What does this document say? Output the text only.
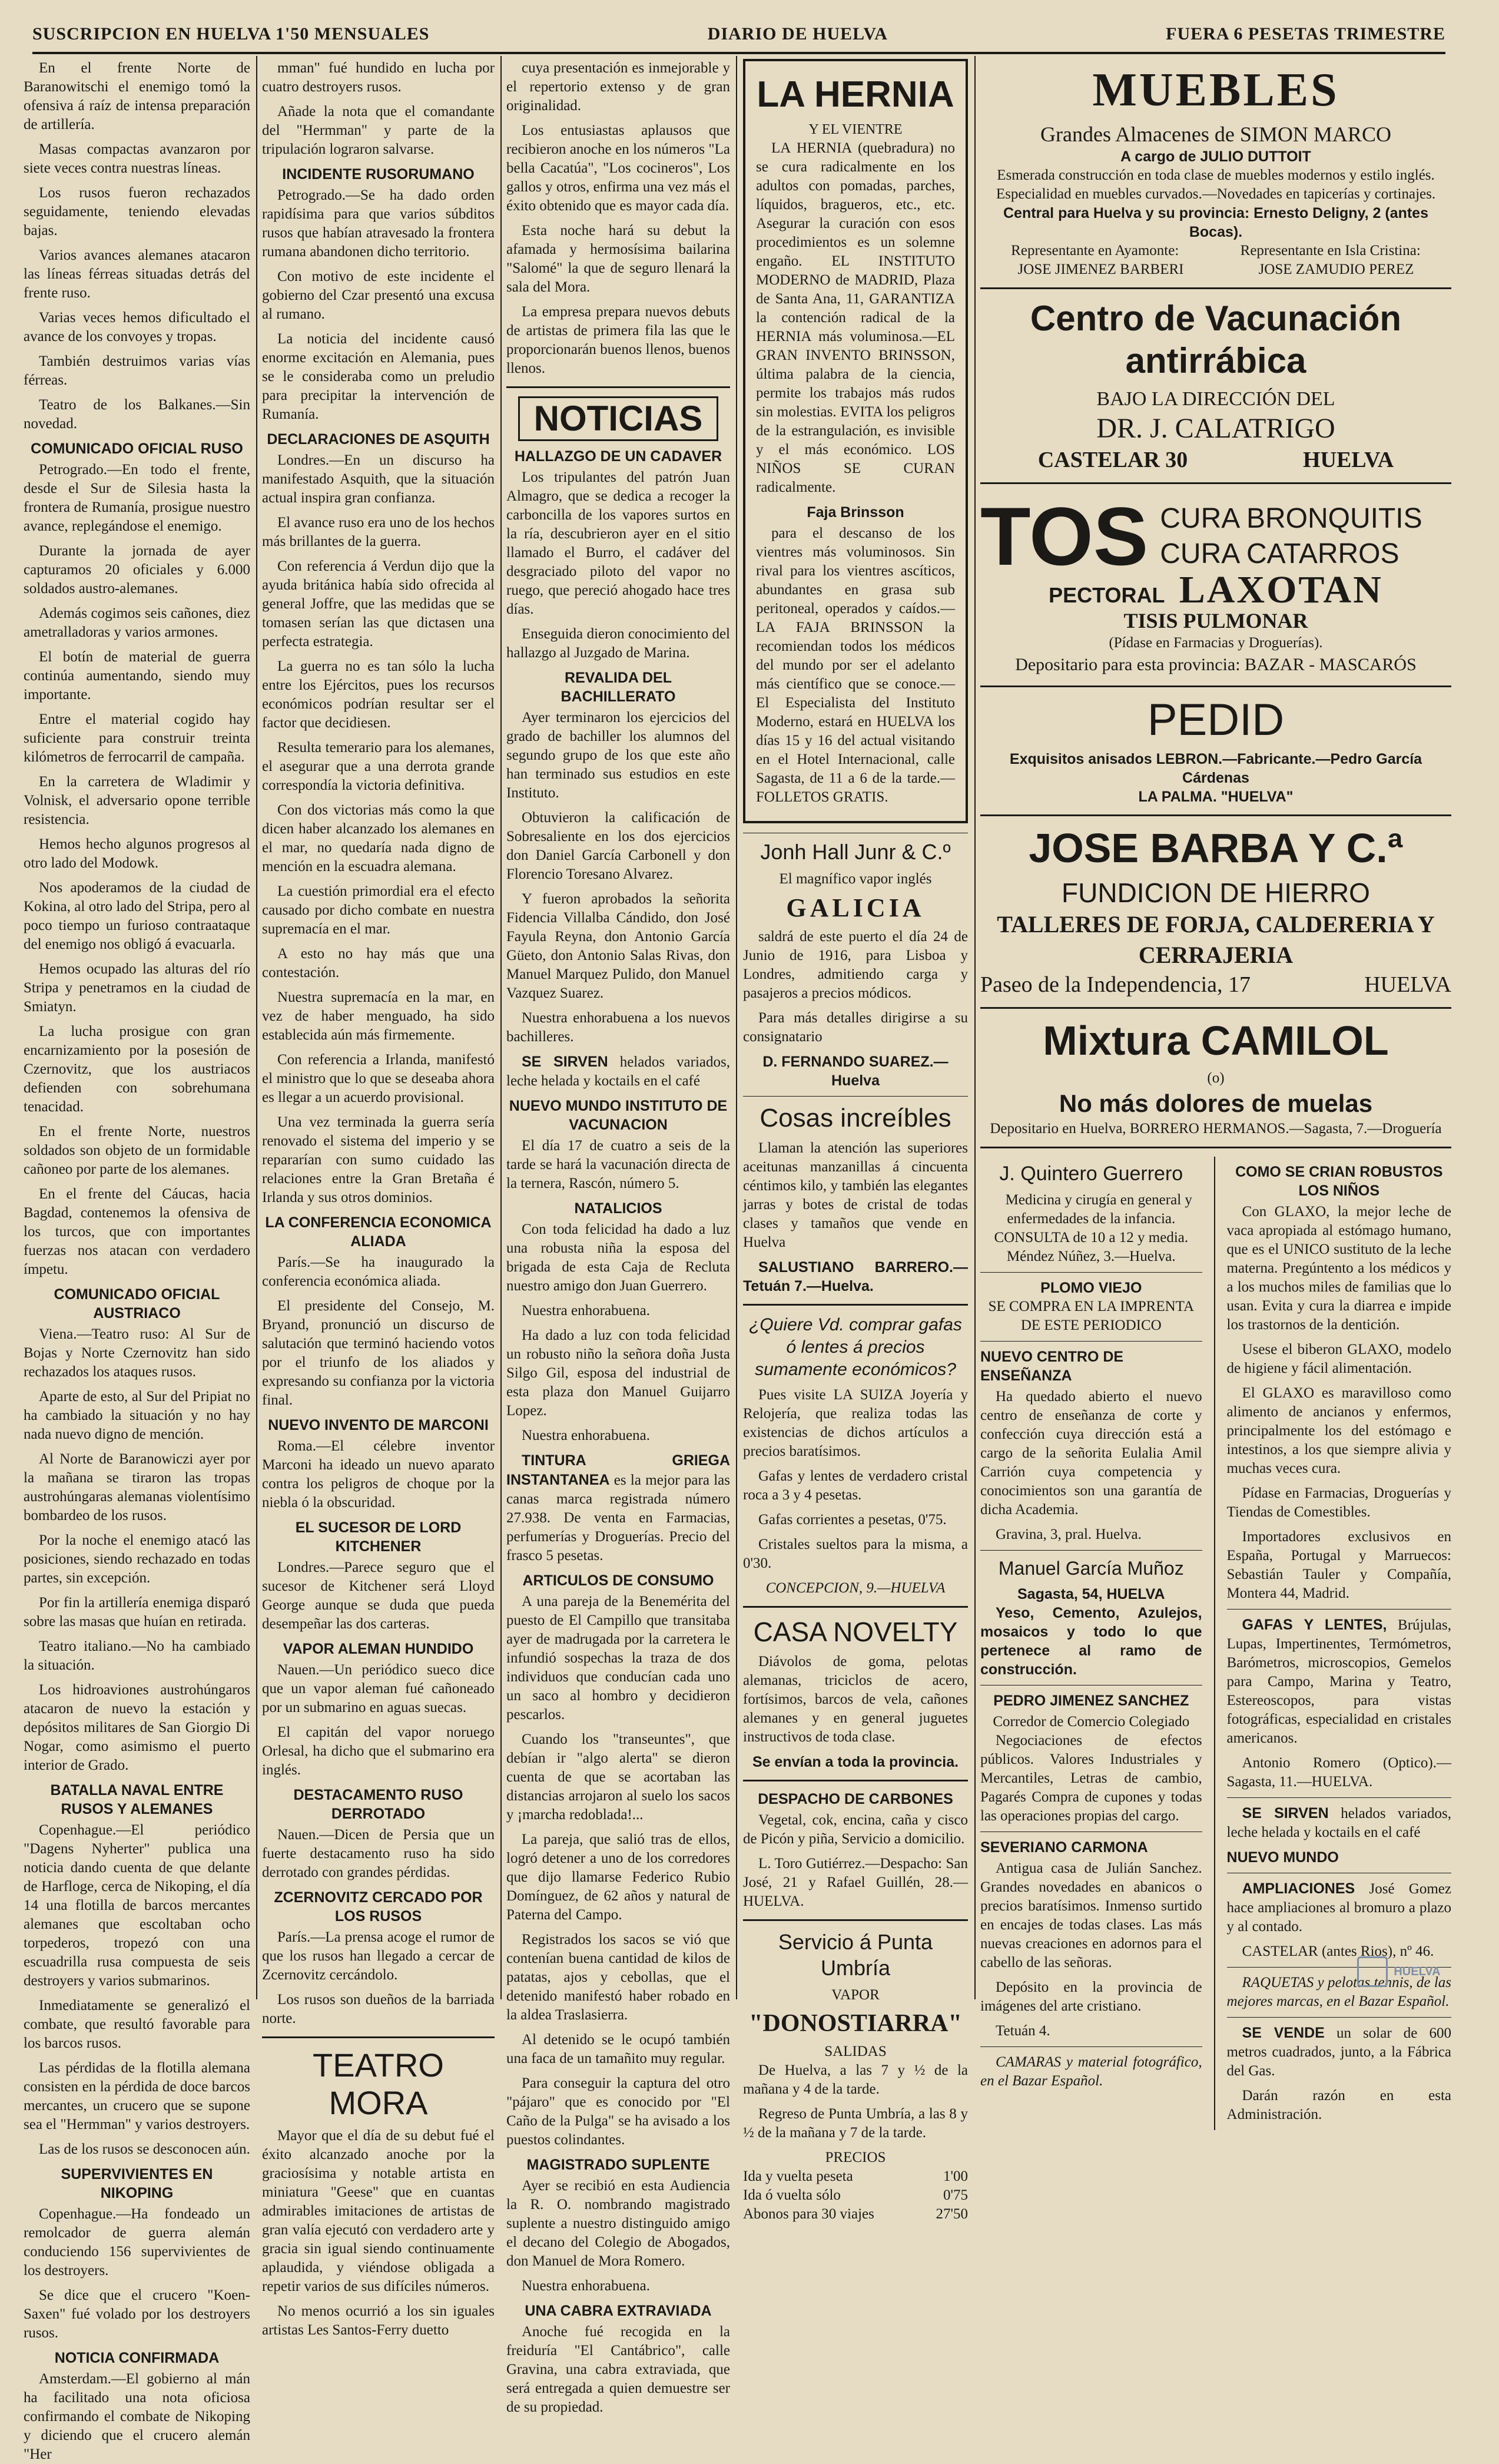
SUSCRIPCION EN HUELVA 1'50 MENSUALES	DIARIO DE HUELVA	FUERA 6 PESETAS TRIMESTRE

En el frente Norte de Baranowitschi el enemigo tomó la ofensiva á raíz de intensa preparación de artillería.

Masas compactas avanzaron por siete veces contra nuestras líneas.

Los rusos fueron rechazados seguidamente, teniendo elevadas bajas.

Varios avances alemanes atacaron las líneas férreas situadas detrás del frente ruso.

Varias veces hemos dificultado el avance de los convoyes y tropas.

También destruimos varias vías férreas.

Teatro de los Balkanes.—Sin novedad.

COMUNICADO OFICIAL RUSO

Petrogrado.—En todo el frente, desde el Sur de Silesia hasta la frontera de Rumanía, prosigue nuestro avance, replegándose el enemigo.

Durante la jornada de ayer capturamos 20 oficiales y 6.000 soldados austro-alemanes.

Además cogimos seis cañones, diez ametralladoras y varios armones.

El botín de material de guerra continúa aumentando, siendo muy importante.

Entre el material cogido hay suficiente para construir treinta kilómetros de ferrocarril de campaña.

En la carretera de Wladimir y Volnisk, el adversario opone terrible resistencia.

Hemos hecho algunos progresos al otro lado del Modowk.

Nos apoderamos de la ciudad de Kokina, al otro lado del Stripa, pero al poco tiempo un furioso contraataque del enemigo nos obligó á evacuarla.

Hemos ocupado las alturas del río Stripa y penetramos en la ciudad de Smiatyn.

La lucha prosigue con gran encarnizamiento por la posesión de Czernovitz, que los austriacos defienden con sobrehumana tenacidad.

En el frente Norte, nuestros soldados son objeto de un formidable cañoneo por parte de los alemanes.

En el frente del Cáucas, hacia Bagdad, contenemos la ofensiva de los turcos, que con importantes fuerzas nos atacan con verdadero ímpetu.

COMUNICADO OFICIAL AUSTRIACO

Viena.—Teatro ruso: Al Sur de Bojas y Norte Czernovitz han sido rechazados los ataques rusos.

Aparte de esto, al Sur del Pripiat no ha cambiado la situación y no hay nada nuevo digno de mención.

Al Norte de Baranowiczi ayer por la mañana se tiraron las tropas austrohúngaras alemanas violentísimo bombardeo de los rusos.

Por la noche el enemigo atacó las posiciones, siendo rechazado en todas partes, sin excepción.

Por fin la artillería enemiga disparó sobre las masas que huían en retirada.

Teatro italiano.—No ha cambiado la situación.

Los hidroaviones austrohúngaros atacaron de nuevo la estación y depósitos militares de San Giorgio Di Nogar, como asimismo el puerto interior de Grado.

BATALLA NAVAL ENTRE RUSOS Y ALEMANES

Copenhague.—El periódico "Dagens Nyherter" publica una noticia dando cuenta de que delante de Harfloge, cerca de Nikoping, el día 14 una flotilla de barcos mercantes alemanes que escoltaban ocho torpederos, tropezó con una escuadrilla rusa compuesta de seis destroyers y varios submarinos.

Inmediatamente se generalizó el combate, que resultó favorable para los barcos rusos.

Las pérdidas de la flotilla alemana consisten en la pérdida de doce barcos mercantes, un crucero que se supone sea el "Hermman" y varios destroyers.

Las de los rusos se desconocen aún.

SUPERVIVIENTES EN NIKOPING

Copenhague.—Ha fondeado un remolcador de guerra alemán conduciendo 156 supervivientes de los destroyers.

Se dice que el crucero "Koen-Saxen" fué volado por los destroyers rusos.

NOTICIA CONFIRMADA

Amsterdam.—El gobierno al mán ha facilitado una nota oficiosa confirmando el combate de Nikoping y diciendo que el crucero alemán "Her

mman" fué hundido en lucha por cuatro destroyers rusos.

Añade la nota que el comandante del "Hermman" y parte de la tripulación lograron salvarse.

INCIDENTE RUSORUMANO

Petrogrado.—Se ha dado orden rapidísima para que varios súbditos rusos que habían atravesado la frontera rumana abandonen dicho territorio.

Con motivo de este incidente el gobierno del Czar presentó una excusa al rumano.

La noticia del incidente causó enorme excitación en Alemania, pues se le consideraba como un preludio para precipitar la intervención de Rumanía.

DECLARACIONES DE ASQUITH

Londres.—En un discurso ha manifestado Asquith, que la situación actual inspira gran confianza.

El avance ruso era uno de los hechos más brillantes de la guerra.

Con referencia á Verdun dijo que la ayuda británica había sido ofrecida al general Joffre, que las medidas que se tomasen serían las que dictasen una perfecta estrategia.

La guerra no es tan sólo la lucha entre los Ejércitos, pues los recursos económicos podrían resultar ser el factor que decidiesen.

Resulta temerario para los alemanes, el asegurar que a una derrota grande correspondía la victoria definitiva.

Con dos victorias más como la que dicen haber alcanzado los alemanes en el mar, no quedaría nada digno de mención en la escuadra alemana.

La cuestión primordial era el efecto causado por dicho combate en nuestra supremacía en el mar.

A esto no hay más que una contestación.

Nuestra supremacía en la mar, en vez de haber menguado, ha sido establecida aún más firmemente.

Con referencia a Irlanda, manifestó el ministro que lo que se deseaba ahora es llegar a un acuerdo provisional.

Una vez terminada la guerra sería renovado el sistema del imperio y se repararían con sumo cuidado las relaciones entre la Gran Bretaña é Irlanda y sus otros dominios.

LA CONFERENCIA ECONOMICA ALIADA

París.—Se ha inaugurado la conferencia económica aliada.

El presidente del Consejo, M. Bryand, pronunció un discurso de salutación que terminó haciendo votos por el triunfo de los aliados y expresando su confianza por la victoria final.

NUEVO INVENTO DE MARCONI

Roma.—El célebre inventor Marconi ha ideado un nuevo aparato contra los peligros de choque por la niebla ó la obscuridad.

EL SUCESOR DE LORD KITCHENER

Londres.—Parece seguro que el sucesor de Kitchener será Lloyd George aunque se duda que pueda desempeñar las dos carteras.

VAPOR ALEMAN HUNDIDO

Nauen.—Un periódico sueco dice que un vapor aleman fué cañoneado por un submarino en aguas suecas.

El capitán del vapor noruego Orlesal, ha dicho que el submarino era inglés.

DESTACAMENTO RUSO DERROTADO

Nauen.—Dicen de Persia que un fuerte destacamento ruso ha sido derrotado con grandes pérdidas.

ZCERNOVITZ CERCADO POR LOS RUSOS

París.—La prensa acoge el rumor de que los rusos han llegado a cercar de Zcernovitz cercándolo.

Los rusos son dueños de la barriada norte.

TEATRO MORA

Mayor que el día de su debut fué el éxito alcanzado anoche por la graciosísima y notable artista en miniatura "Geese" que en cuantas admirables imitaciones de artistas de gran valía ejecutó con verdadero arte y gracia sin igual siendo continuamente aplaudida, y viéndose obligada a repetir varios de sus difíciles números.

No menos ocurrió a los sin iguales artistas Les Santos-Ferry duetto

cuya presentación es inmejorable y el repertorio extenso y de gran originalidad.

Los entusiastas aplausos que recibieron anoche en los números "La bella Cacatúa", "Los cocineros", Los gallos y otros, enfirma una vez más el éxito obtenido que es mayor cada día.

Esta noche hará su debut la afamada y hermosísima bailarina "Salomé" la que de seguro llenará la sala del Mora.

La empresa prepara nuevos debuts de artistas de primera fila las que le proporcionarán buenos llenos, buenos llenos.

NOTICIAS
HALLAZGO DE UN CADAVER

Los tripulantes del patrón Juan Almagro, que se dedica a recoger la carboncilla de los vapores surtos en la ría, descubrieron ayer en el sitio llamado el Burro, el cadáver del desgraciado piloto del vapor no ruego, que pereció ahogado hace tres días.

Enseguida dieron conocimiento del hallazgo al Juzgado de Marina.

REVALIDA DEL BACHILLERATO

Ayer terminaron los ejercicios del grado de bachiller los alumnos del segundo grupo de los que este año han terminado sus estudios en este Instituto.

Obtuvieron la calificación de Sobresaliente en los dos ejercicios don Daniel García Carbonell y don Florencio Toresano Alvarez.

Y fueron aprobados la señorita Fidencia Villalba Cándido, don José Fayula Reyna, don Antonio García Güeto, don Antonio Salas Rivas, don Manuel Marquez Pulido, don Manuel Vazquez Suarez.

Nuestra enhorabuena a los nuevos bachilleres.

SE SIRVEN helados variados, leche helada y koctails en el café

NUEVO MUNDO INSTITUTO DE VACUNACION

El día 17 de cuatro a seis de la tarde se hará la vacunación directa de la ternera, Rascón, número 5.

NATALICIOS

Con toda felicidad ha dado a luz una robusta niña la esposa del brigada de esta Caja de Recluta nuestro amigo don Juan Guerrero.

Nuestra enhorabuena.

Ha dado a luz con toda felicidad un robusto niño la señora doña Justa Silgo Gil, esposa del industrial de esta plaza don Manuel Guijarro Lopez.

Nuestra enhorabuena.

TINTURA GRIEGA INSTANTANEA es la mejor para las canas marca registrada número 27.938. De venta en Farmacias, perfumerías y Droguerías. Precio del frasco 5 pesetas.

ARTICULOS DE CONSUMO

A una pareja de la Benemérita del puesto de El Campillo que transitaba ayer de madrugada por la carretera le infundió sospechas la traza de dos individuos que conducían cada uno un saco al hombro y decidieron pescarlos.

Cuando los "transeuntes", que debían ir "algo alerta" se dieron cuenta de que se acortaban las distancias arrojaron al suelo los sacos y ¡marcha redoblada!...

La pareja, que salió tras de ellos, logró detener a uno de los corredores que dijo llamarse Federico Rubio Domínguez, de 62 años y natural de Paterna del Campo.

Registrados los sacos se vió que contenían buena cantidad de kilos de patatas, ajos y cebollas, que el detenido manifestó haber robado en la aldea Traslasierra.

Al detenido se le ocupó también una faca de un tamañito muy regular.

Para conseguir la captura del otro "pájaro" que es conocido por "El Caño de la Pulga" se ha avisado a los puestos colindantes.

MAGISTRADO SUPLENTE

Ayer se recibió en esta Audiencia la R. O. nombrando magistrado suplente a nuestro distinguido amigo el decano del Colegio de Abogados, don Manuel de Mora Romero.

Nuestra enhorabuena.

UNA CABRA EXTRAVIADA

Anoche fué recogida en la freiduría "El Cantábrico", calle Gravina, una cabra extraviada, que será entregada a quien demuestre ser de su propiedad.

LA HERNIA
Y EL VIENTRE

LA HERNIA (quebradura) no se cura radicalmente en los adultos con pomadas, parches, líquidos, bragueros, etc., etc. Asegurar la curación con esos procedimientos es un solemne engaño. EL INSTITUTO MODERNO de MADRID, Plaza de Santa Ana, 11, GARANTIZA la contención radical de la HERNIA más voluminosa.—EL GRAN INVENTO BRINSSON, última palabra de la ciencia, permite los trabajos más rudos sin molestias. EVITA los peligros de la estrangulación, es invisible y el más económico. LOS NIÑOS SE CURAN radicalmente.

Faja Brinsson

para el descanso de los vientres más voluminosos. Sin rival para los vientres ascíticos, abundantes en grasa sub peritoneal, operados y caídos.—LA FAJA BRINSSON la recomiendan todos los médicos del mundo por ser el adelanto más científico que se conoce.—El Especialista del Instituto Moderno, estará en HUELVA los días 15 y 16 del actual visitando en el Hotel Internacional, calle Sagasta, de 11 a 6 de la tarde.— FOLLETOS GRATIS.

Jonh Hall Junr & C.º
El magnífico vapor inglés
GALICIA

saldrá de este puerto el día 24 de Junio de 1916, para Lisboa y Londres, admitiendo carga y pasajeros a precios módicos.

Para más detalles dirigirse a su consignatario

D. FERNANDO SUAREZ.—Huelva
Cosas increíbles

Llaman la atención las superiores aceitunas manzanillas á cincuenta céntimos kilo, y también las elegantes jarras y botes de cristal de todas clases y tamaños que vende en Huelva

SALUSTIANO BARRERO.—Tetuán 7.—Huelva.

¿Quiere Vd. comprar gafas ó lentes á precios sumamente económicos?

Pues visite LA SUIZA Joyería y Relojería, que realiza todas las existencias de dichos artículos a precios baratísimos.

Gafas y lentes de verdadero cristal roca a 3 y 4 pesetas.

Gafas corrientes a pesetas, 0'75.

Cristales sueltos para la misma, a 0'30.

CONCEPCION, 9.—HUELVA
CASA NOVELTY

Diávolos de goma, pelotas alemanas, triciclos de acero, fortísimos, barcos de vela, cañones alemanes y en general juguetes instructivos de toda clase.

Se envían a toda la provincia.
DESPACHO DE CARBONES

Vegetal, cok, encina, caña y cisco de Picón y piña, Servicio a domicilio.

L. Toro Gutiérrez.—Despacho: San José, 21 y Rafael Guillén, 28.—HUELVA.

Servicio á Punta Umbría
VAPOR
"DONOSTIARRA"
SALIDAS

De Huelva, a las 7 y ½ de la mañana y 4 de la tarde.

Regreso de Punta Umbría, a las 8 y ½ de la mañana y 7 de la tarde.

PRECIOS
Ida y vuelta peseta	1'00
Ida ó vuelta sólo	0'75
Abonos para 30 viajes	27'50
MUEBLES
Grandes Almacenes de SIMON MARCO
A cargo de JULIO DUTTOIT
Esmerada construcción en toda clase de muebles modernos y estilo inglés. Especialidad en muebles curvados.—Novedades en tapicerías y cortinajes.
Central para Huelva y su provincia: Ernesto Deligny, 2 (antes Bocas).
Representante en Ayamonte:	Representante en Isla Cristina:
JOSE JIMENEZ BARBERI	JOSE ZAMUDIO PEREZ
Centro de Vacunación antirrábica
BAJO LA DIRECCIÓN DEL
DR. J. CALATRIGO
CASTELAR 30	HUELVA
TOS CURA BRONQUITIS
CURA CATARROS
PECTORAL LAXOTAN
TISIS PULMONAR
(Pídase en Farmacias y Droguerías).
Depositario para esta provincia: BAZAR - MASCARÓS
PEDID
Exquisitos anisados LEBRON.—Fabricante.—Pedro García Cárdenas
LA PALMA. "HUELVA"
JOSE BARBA Y C.ª
FUNDICION DE HIERRO
TALLERES DE FORJA, CALDERERIA Y CERRAJERIA
Paseo de la Independencia, 17	HUELVA
Mixtura CAMILOL
(o)
No más dolores de muelas
Depositario en Huelva, BORRERO HERMANOS.—Sagasta, 7.—Droguería
J. Quintero Guerrero

Medicina y cirugía en general y enfermedades de la infancia. CONSULTA de 10 a 12 y media. Méndez Núñez, 3.—Huelva.

PLOMO VIEJO
SE COMPRA EN LA IMPRENTA DE ESTE PERIODICO
NUEVO CENTRO DE ENSEÑANZA

Ha quedado abierto el nuevo centro de enseñanza de corte y confección cuya dirección está a cargo de la señorita Eulalia Amil Carrión cuya competencia y conocimientos son una garantía de dicha Academia.

Gravina, 3, pral. Huelva.

Manuel García Muñoz
Sagasta, 54, HUELVA

Yeso, Cemento, Azulejos, mosaicos y todo lo que pertenece al ramo de construcción.

PEDRO JIMENEZ SANCHEZ
Corredor de Comercio Colegiado

Negociaciones de efectos públicos. Valores Industriales y Mercantiles, Letras de cambio, Pagarés Compra de cupones y todas las operaciones propias del cargo.

SEVERIANO CARMONA

Antigua casa de Julián Sanchez. Grandes novedades en abanicos o precios baratísimos. Inmenso surtido en encajes de todas clases. Las más nuevas creaciones en adornos para el cabello de las señoras.

Depósito en la provincia de imágenes del arte cristiano.

Tetuán 4.

CAMARAS y material fotográfico, en el Bazar Español.

COMO SE CRIAN ROBUSTOS LOS NIÑOS

Con GLAXO, la mejor leche de vaca apropiada al estómago humano, que es el UNICO sustituto de la leche materna. Pregúntento a los médicos y a los muchos miles de familias que lo usan. Evita y cura la diarrea e impide los trastornos de la dentición.

Usese el biberon GLAXO, modelo de higiene y fácil alimentación.

El GLAXO es maravilloso como alimento de ancianos y enfermos, principalmente los del estómago e intestinos, a los que siempre alivia y muchas veces cura.

Pídase en Farmacias, Droguerías y Tiendas de Comestibles.

Importadores exclusivos en España, Portugal y Marruecos: Sebastián Tauler y Compañía, Montera 44, Madrid.

GAFAS Y LENTES, Brújulas, Lupas, Impertinentes, Termómetros, Barómetros, microscopios, Gemelos para Campo, Marina y Teatro, Estereoscopos, para vistas fotográficas, especialidad en cristales americanos.

Antonio Romero (Optico).—Sagasta, 11.—HUELVA.

SE SIRVEN helados variados, leche helada y koctails en el café

NUEVO MUNDO

AMPLIACIONES José Gomez hace ampliaciones al bromuro a plazo y al contado.

CASTELAR (antes Rios), nº 46.

RAQUETAS y pelotas tennis, de las mejores marcas, en el Bazar Español.

SE VENDE un solar de 600 metros cuadrados, junto, a la Fábrica del Gas.

Darán razón en esta Administración.

HUELVA
